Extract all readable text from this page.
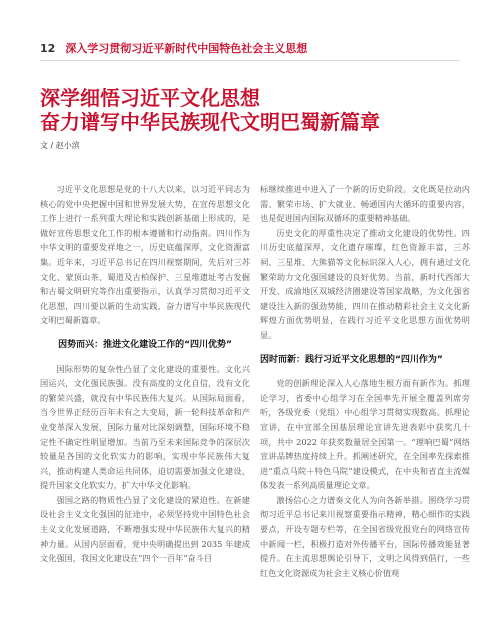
12 深入学习贯彻习近平新时代中国特色社会主义思想
深学细悟习近平文化思想
奋力谱写中华民族现代文明巴蜀新篇章
文 / 赵小滨

习近平文化思想是党的十八大以来，以习近平同志为核心的党中央把握中国和世界发展大势，在宣传思想文化工作上进行一系列重大理论和实践创新基础上形成的，是做好宣传思想文化工作的根本遵循和行动指南。四川作为中华文明的重要发祥地之一，历史底蕴深厚，文化资源富集。近年来，习近平总书记在四川视察期间，先后对三苏文化、蒙顶山茶、蜀道及古柏保护、三星堆遗址考古发掘和古蜀文明研究等作出重要指示，认真学习贯彻习近平文化思想，四川要以新的生动实践，奋力谱写中华民族现代文明巴蜀新篇章。

因势而兴：推进文化建设工作的“四川优势”

国际形势的复杂性凸显了文化建设的重要性。文化兴国运兴，文化强民族强。没有高度的文化自信，没有文化的繁荣兴盛，就没有中华民族伟大复兴。从国际局面看，当今世界正经历百年未有之大变局，新一轮科技革命和产业变革深入发展，国际力量对比深刻调整，国际环境不稳定性不确定性明显增加。当前乃至未来国际竞争的深层次较量是各国的文化软实力的影响，实现中华民族伟大复兴，推动构建人类命运共同体，迫切需要加强文化建设，提升国家文化软实力，扩大中华文化影响。

强国之路的物质性凸显了文化建设的紧迫性。在新建设社会主义文化强国的征途中，必须坚持党中国特色社会主义文化发展道路，不断增强实现中华民族伟大复兴的精神力量。从国内层面看，党中央明确提出到 2035 年建成文化强国，我国文化建设在“四个一百年”奋斗目

标继续推进中进入了一个新的历史阶段。文化既是拉动内需、繁荣市场、扩大就业、畅通国内大循环的重要内容，也是促进国内国际双循环的重要精神基础。

历史文化的厚重性决定了推动文化建设的优势性。四川历史底蕴深厚，文化遗存璀璨，红色资源丰富，三苏祠、三星堆、大熊猫等文化标识深入人心，拥有通过文化繁荣助力文化强国建设的良好优势。当前，新时代西部大开发、成渝地区双城经济圈建设等国家战略，为文化强省建设注入新的强劲势能，四川在推动精彩社会主义文化新辉煌方面优势明显，在践行习近平文化思想方面优势明显。

因时而新：践行习近平文化思想的“四川作为”

党的创新理论深入人心落地生根方面有新作为。抓理论学习，省委中心组学习在全国率先开展全覆盖列席旁听，各级党委（党组）中心组学习贯彻实现数高。抓理论宣讲，在中宣部全国基层理论宣讲先进表彰中获奖几十项，共中 2022 年获奖数量居全国第一。“理响巴蜀”网络宣讲品牌热度持续上升。抓阐述研究，在全国率先探索推进“重点马院＋特色马院”建设模式，在中央和省直主流媒体发表一系列高质量理论文章。

激扬信心之力谱奏文化人为向各新举措。围绕学习贯彻习近平总书记来川视察重要指示精神，精心细作的实践要点，开设专题专栏等，在全国省级党报党台的网络宣传中新闻一栏，积极打造对外传播平台，国际传播效能显著提升。在主流思想舆论引导下，文明之风得到倡行，一些红色文化资源成为社会主义核心价值观
